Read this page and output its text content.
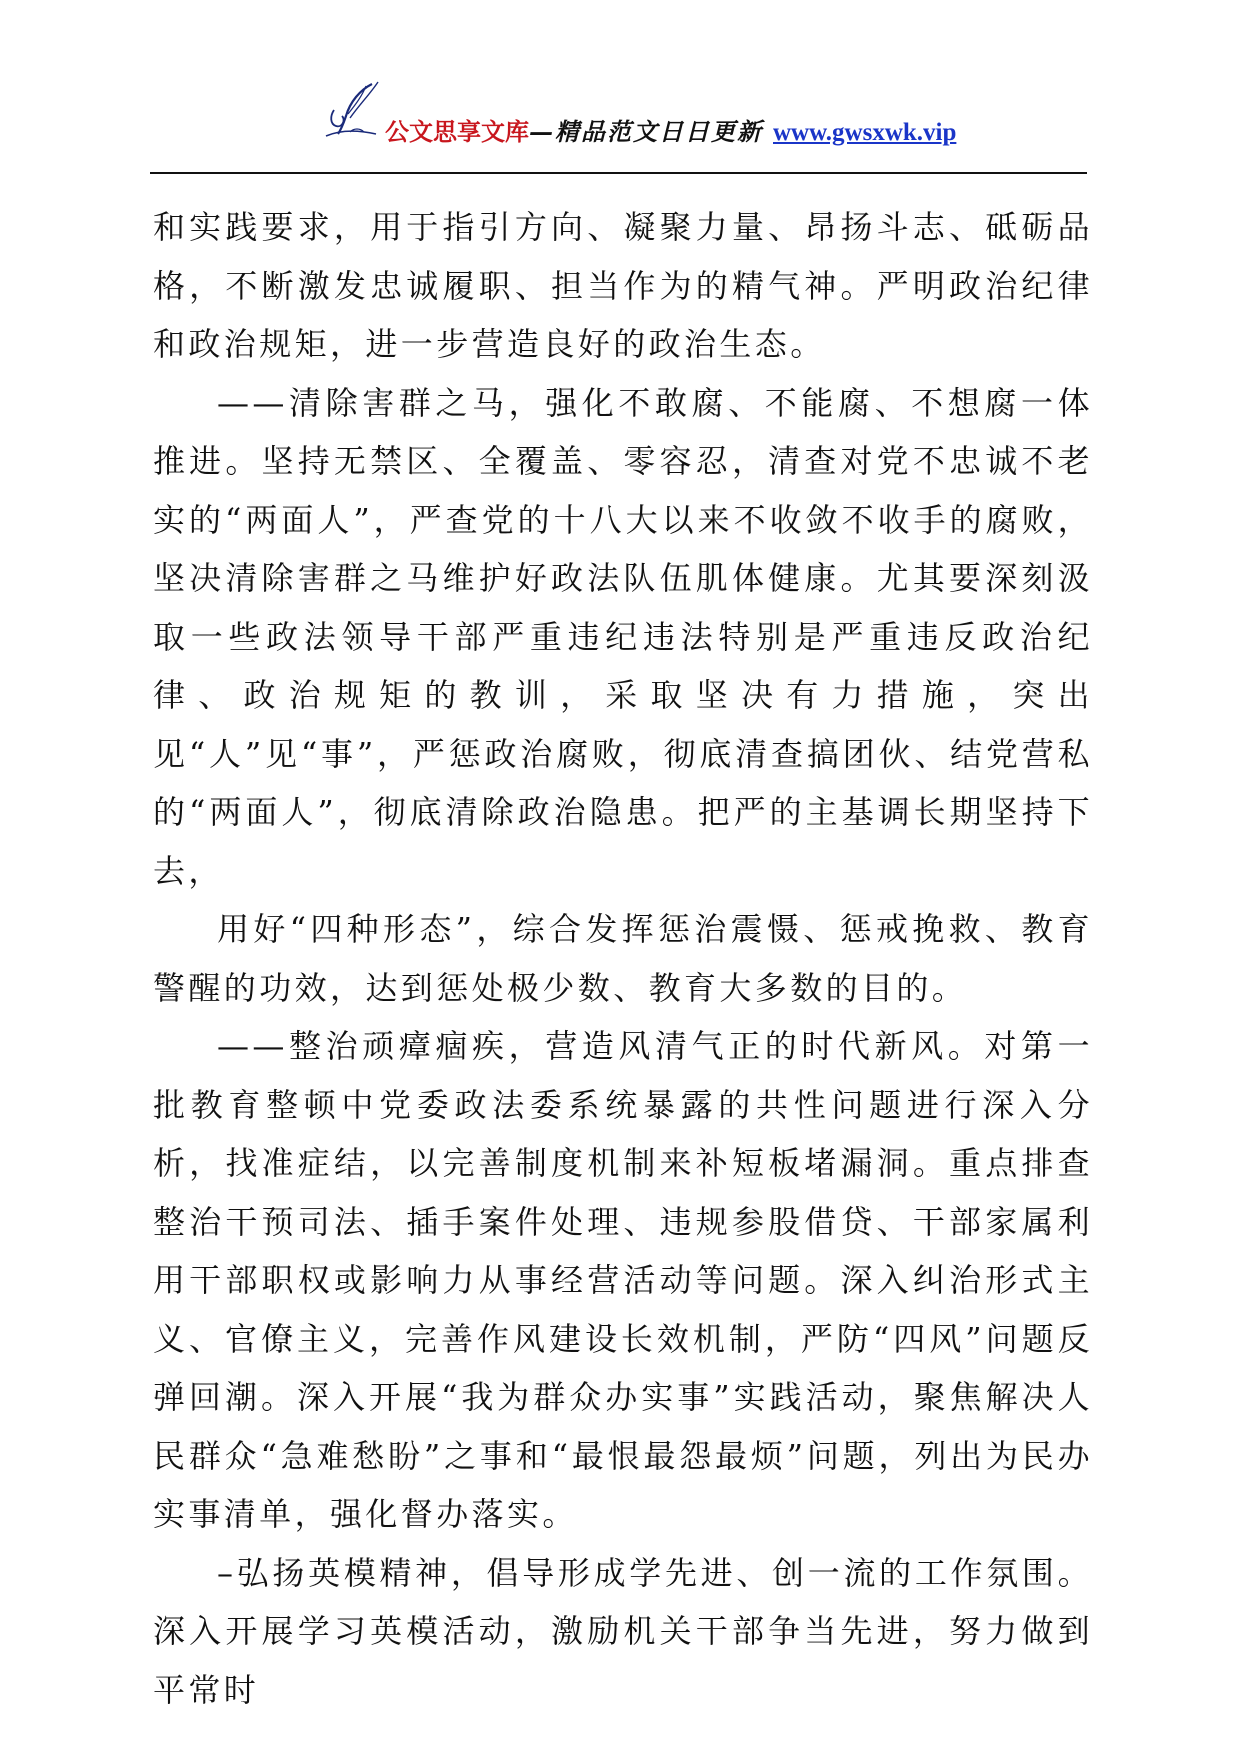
公文思享文库—精品范文日日更新 www.gwsxwk.vip

和实践要求，用于指引方向、凝聚力量、昂扬斗志、砥砺品格，不断激发忠诚履职、担当作为的精气神。严明政治纪律和政治规矩，进一步营造良好的政治生态。

——清除害群之马，强化不敢腐、不能腐、不想腐一体推进。坚持无禁区、全覆盖、零容忍，清查对党不忠诚不老实的“两面人”，严查党的十八大以来不收敛不收手的腐败，坚决清除害群之马维护好政法队伍肌体健康。尤其要深刻汲取一些政法领导干部严重违纪违法特别是严重违反政治纪律、政治规矩的教训，采取坚决有力措施，突出见“人”见“事”，严惩政治腐败，彻底清查搞团伙、结党营私的“两面人”，彻底清除政治隐患。把严的主基调长期坚持下去，

用好“四种形态”，综合发挥惩治震慑、惩戒挽救、教育警醒的功效，达到惩处极少数、教育大多数的目的。

——整治顽瘴痼疾，营造风清气正的时代新风。对第一批教育整顿中党委政法委系统暴露的共性问题进行深入分析，找准症结，以完善制度机制来补短板堵漏洞。重点排查整治干预司法、插手案件处理、违规参股借贷、干部家属利用干部职权或影响力从事经营活动等问题。深入纠治形式主义、官僚主义，完善作风建设长效机制，严防“四风”问题反弹回潮。深入开展“我为群众办实事”实践活动，聚焦解决人民群众“急难愁盼”之事和“最恨最怨最烦”问题，列出为民办实事清单，强化督办落实。

–弘扬英模精神，倡导形成学先进、创一流的工作氛围。深入开展学习英模活动，激励机关干部争当先进，努力做到平常时
